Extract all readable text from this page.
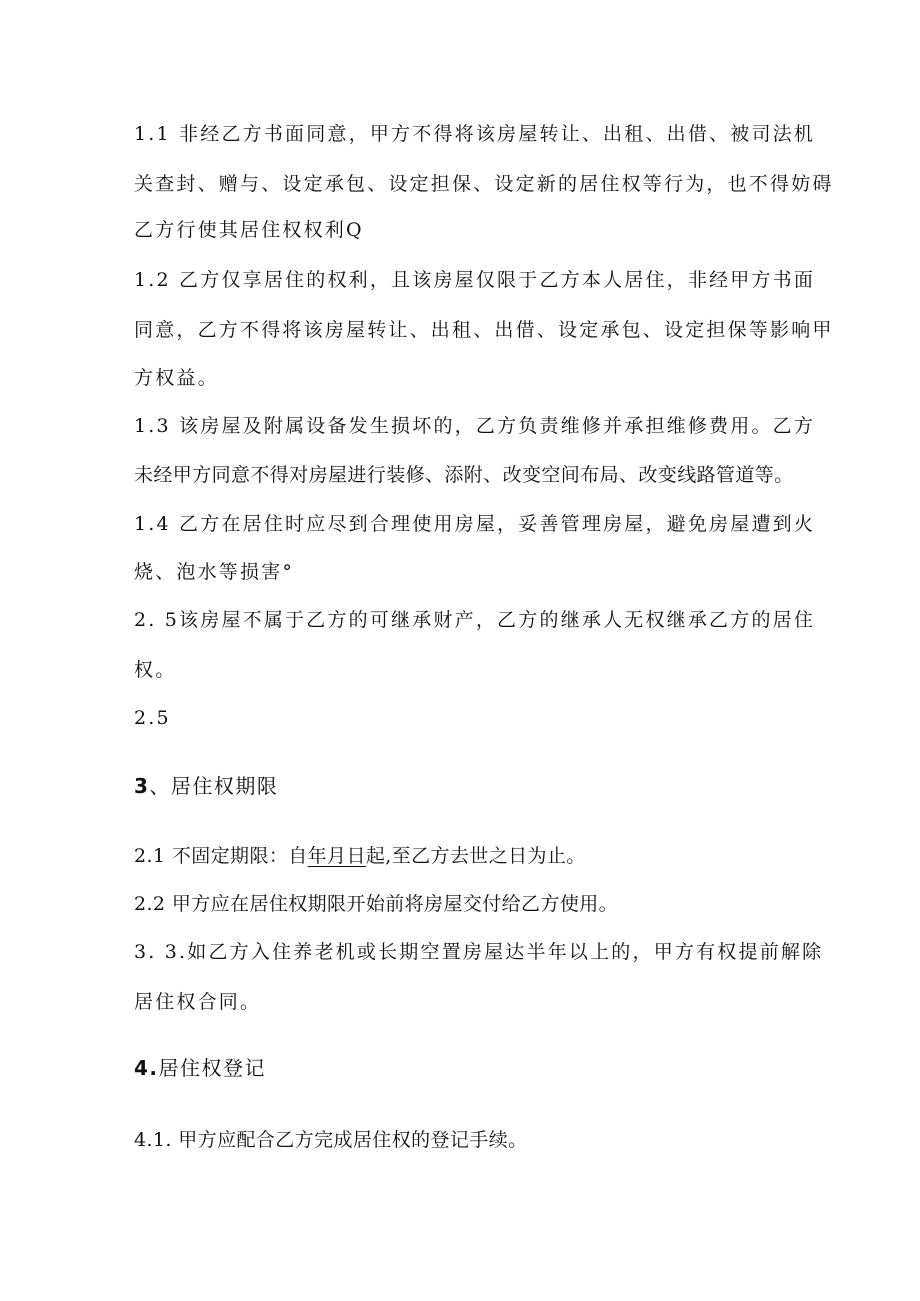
1.1 非经乙方书面同意，甲方不得将该房屋转让、出租、出借、被司法机
关查封、赠与、设定承包、设定担保、设定新的居住权等行为，也不得妨碍
乙方行使其居住权权利Q
1.2 乙方仅享居住的权利，且该房屋仅限于乙方本人居住，非经甲方书面
同意，乙方不得将该房屋转让、出租、出借、设定承包、设定担保等影响甲
方权益。
1.3 该房屋及附属设备发生损坏的，乙方负责维修并承担维修费用。乙方
未经甲方同意不得对房屋进行装修、添附、改变空间布局、改变线路管道等。
1.4 乙方在居住时应尽到合理使用房屋，妥善管理房屋，避免房屋遭到火
烧、泡水等损害°
2. 5该房屋不属于乙方的可继承财产，乙方的继承人无权继承乙方的居住
权。
2.5
3、居住权期限
2.1 不固定期限：自年月日起,至乙方去世之日为止。
2.2 甲方应在居住权期限开始前将房屋交付给乙方使用。
3. 3.如乙方入住养老机或长期空置房屋达半年以上的，甲方有权提前解除
居住权合同。
4.居住权登记
4.1. 甲方应配合乙方完成居住权的登记手续。
